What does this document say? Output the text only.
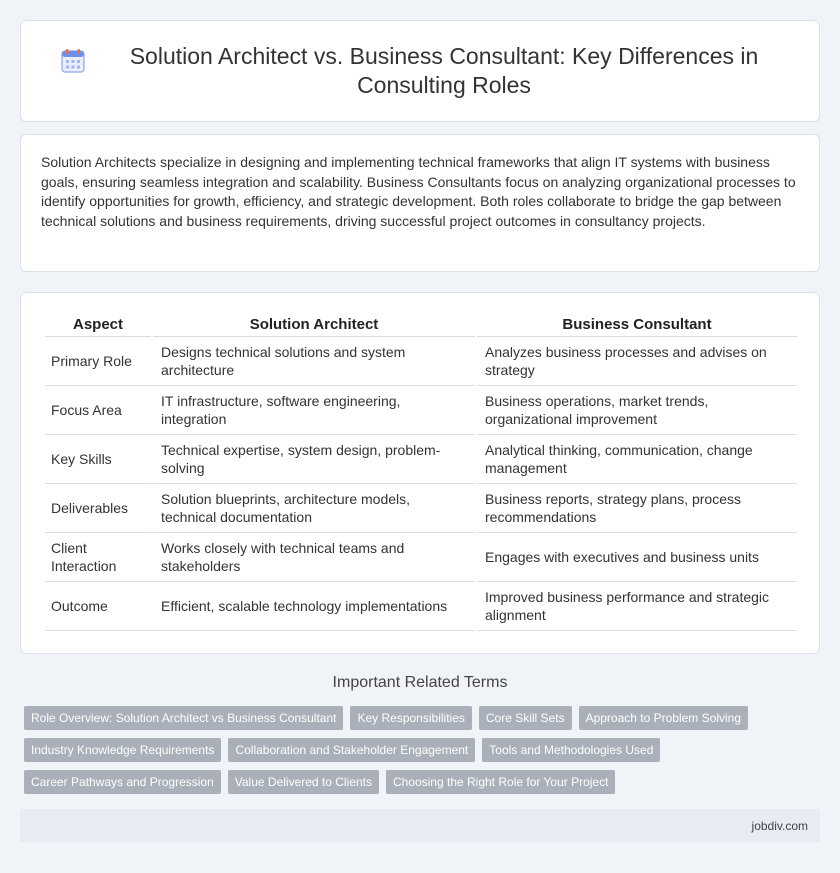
Solution Architect vs. Business Consultant: Key Differences in Consulting Roles

Solution Architects specialize in designing and implementing technical frameworks that align IT systems with business goals, ensuring seamless integration and scalability. Business Consultants focus on analyzing organizational processes to identify opportunities for growth, efficiency, and strategic development. Both roles collaborate to bridge the gap between technical solutions and business requirements, driving successful project outcomes in consultancy projects.

Aspect	Solution Architect	Business Consultant
Primary Role	Designs technical solutions and system architecture	Analyzes business processes and advises on strategy
Focus Area	IT infrastructure, software engineering, integration	Business operations, market trends, organizational improvement
Key Skills	Technical expertise, system design, problem-solving	Analytical thinking, communication, change management
Deliverables	Solution blueprints, architecture models, technical documentation	Business reports, strategy plans, process recommendations
Client Interaction	Works closely with technical teams and stakeholders	Engages with executives and business units
Outcome	Efficient, scalable technology implementations	Improved business performance and strategic alignment
Important Related Terms
Role Overview: Solution Architect vs Business Consultant	Key Responsibilities	Core Skill Sets	Approach to Problem Solving
Industry Knowledge Requirements	Collaboration and Stakeholder Engagement	Tools and Methodologies Used
Career Pathways and Progression	Value Delivered to Clients	Choosing the Right Role for Your Project
jobdiv.com
